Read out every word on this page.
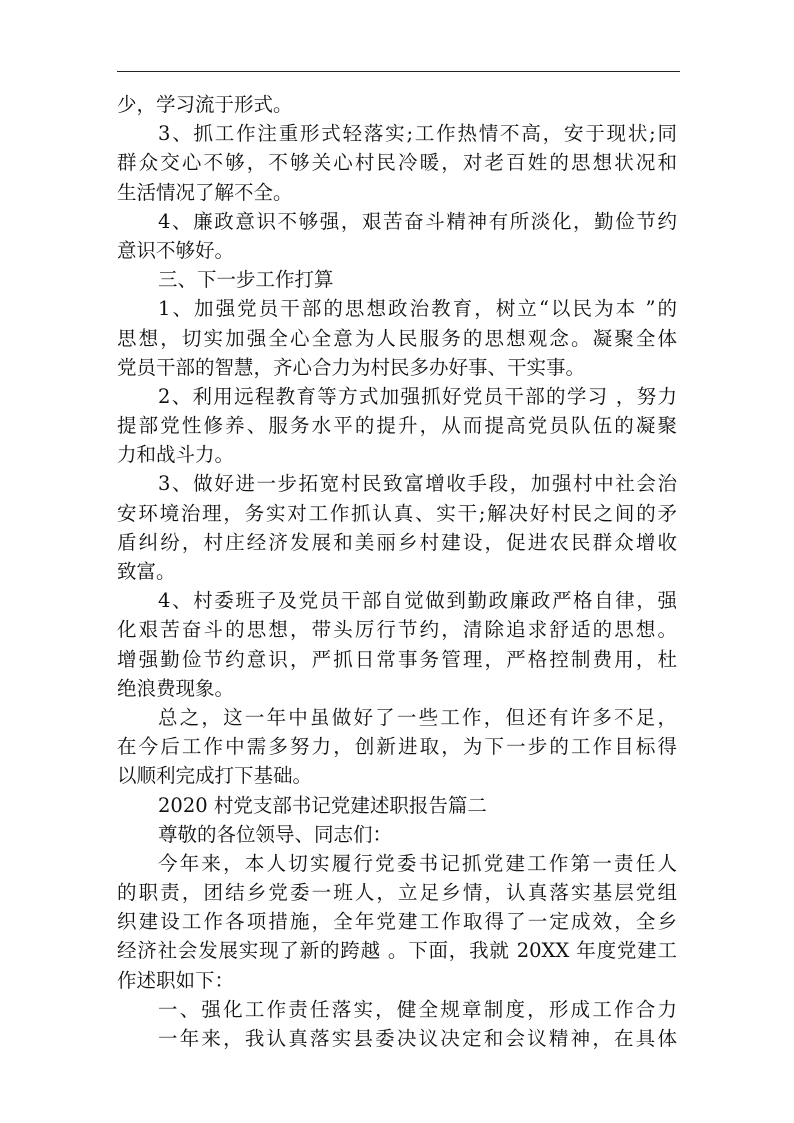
少，学习流于形式。
3、抓工作注重形式轻落实;工作热情不高，安于现状;同
群众交心不够，不够关心村民冷暖，对老百姓的思想状况和
生活情况了解不全。
4、廉政意识不够强，艰苦奋斗精神有所淡化，勤俭节约
意识不够好。
三、下一步工作打算
1、加强党员干部的思想政治教育，树立“以民为本 ”的
思想，切实加强全心全意为人民服务的思想观念。凝聚全体
党员干部的智慧，齐心合力为村民多办好事、干实事。
2、利用远程教育等方式加强抓好党员干部的学习 ，努力
提部党性修养、服务水平的提升，从而提高党员队伍的凝聚
力和战斗力。
3、做好进一步拓宽村民致富增收手段，加强村中社会治
安环境治理，务实对工作抓认真、实干;解决好村民之间的矛
盾纠纷，村庄经济发展和美丽乡村建设，促进农民群众增收
致富。
4、村委班子及党员干部自觉做到勤政廉政严格自律，强
化艰苦奋斗的思想，带头厉行节约，清除追求舒适的思想。
增强勤俭节约意识，严抓日常事务管理，严格控制费用，杜
绝浪费现象。
总之，这一年中虽做好了一些工作，但还有许多不足，
在今后工作中需多努力，创新进取，为下一步的工作目标得
以顺利完成打下基础。
2020 村党支部书记党建述职报告篇二
尊敬的各位领导、同志们：
今年来，本人切实履行党委书记抓党建工作第一责任人
的职责，团结乡党委一班人，立足乡情，认真落实基层党组
织建设工作各项措施，全年党建工作取得了一定成效，全乡
经济社会发展实现了新的跨越 。下面，我就 20XX 年度党建工
作述职如下：
一、强化工作责任落实，健全规章制度，形成工作合力
一年来，我认真落实县委决议决定和会议精神，在具体
